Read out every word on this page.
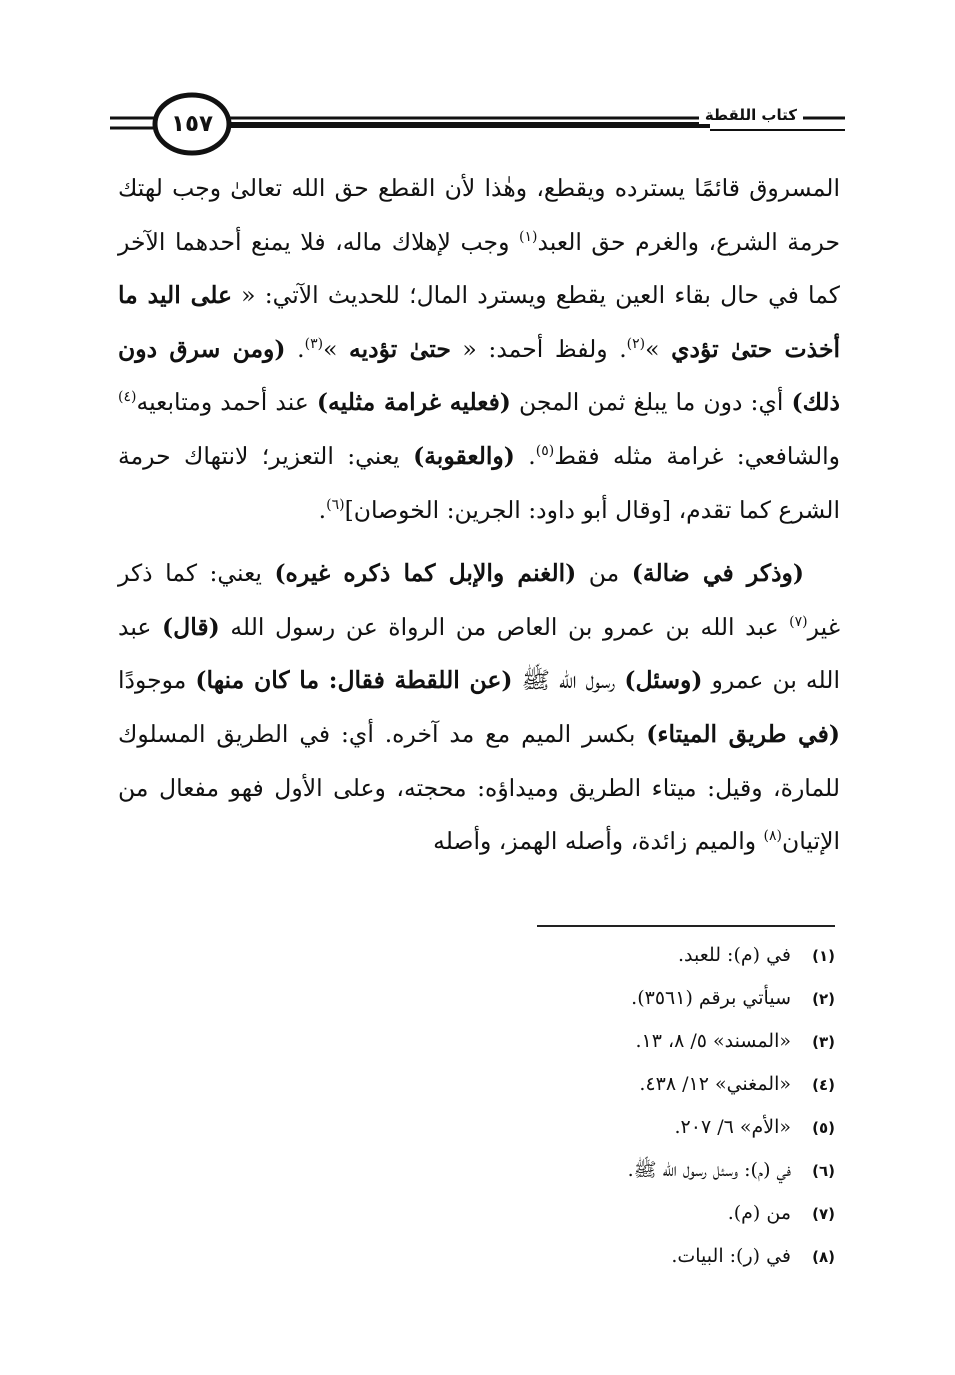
١٥٧	كتاب اللقطة

المسروق قائمًا يسترده ويقطع، وهٰذا لأن القطع حق الله تعالىٰ وجب لهتك حرمة الشرع، والغرم حق العبد$^{(١)}$ وجب لإهلاك ماله، فلا يمنع أحدهما الآخر كما في حال بقاء العين يقطع ويسترد المال؛ للحديث الآتي: « على اليد ما أخذت حتىٰ تؤدي »$^{(٢)}$. ولفظ أحمد: « حتىٰ تؤديه »$^{(٣)}$. (ومن سرق دون ذلك) أي: دون ما يبلغ ثمن المجن (فعليه غرامة مثليه) عند أحمد ومتابعيه$^{(٤)}$ والشافعي: غرامة مثله فقط$^{(٥)}$. (والعقوبة) يعني: التعزير؛ لانتهاك حرمة الشرع كما تقدم، [وقال أبو داود: الجرين: الخوصان]$^{(٦)}$.

(وذكر في ضالة) من (الغنم والإبل كما ذكره غيره) يعني: كما ذكر غير$^{(٧)}$ عبد الله بن عمرو بن العاص من الرواة عن رسول الله (قال) عبد الله بن عمرو (وسئل) رسول الله ﷺ (عن اللقطة فقال: ما كان منها) موجودًا (في طريق الميتاء) بكسر الميم مع مد آخره. أي: في الطريق المسلوك للمارة، وقيل: ميتاء الطريق وميداؤه: محجته، وعلى الأول فهو مفعال من الإتيان$^{(٨)}$ والميم زائدة، وأصله الهمز، وأصله

(١)
في (م): للعبد.
(٢)
سيأتي برقم (٣٥٦١).
(٣)
«المسند» ٥/ ٨، ١٣.
(٤)
«المغني» ١٢/ ٤٣٨.
(٥)
«الأم» ٦/ ٢٠٧.
(٦)
في (م): وسئل رسول الله ﷺ.
(٧)
من (م).
(٨)
في (ر): البيات.
